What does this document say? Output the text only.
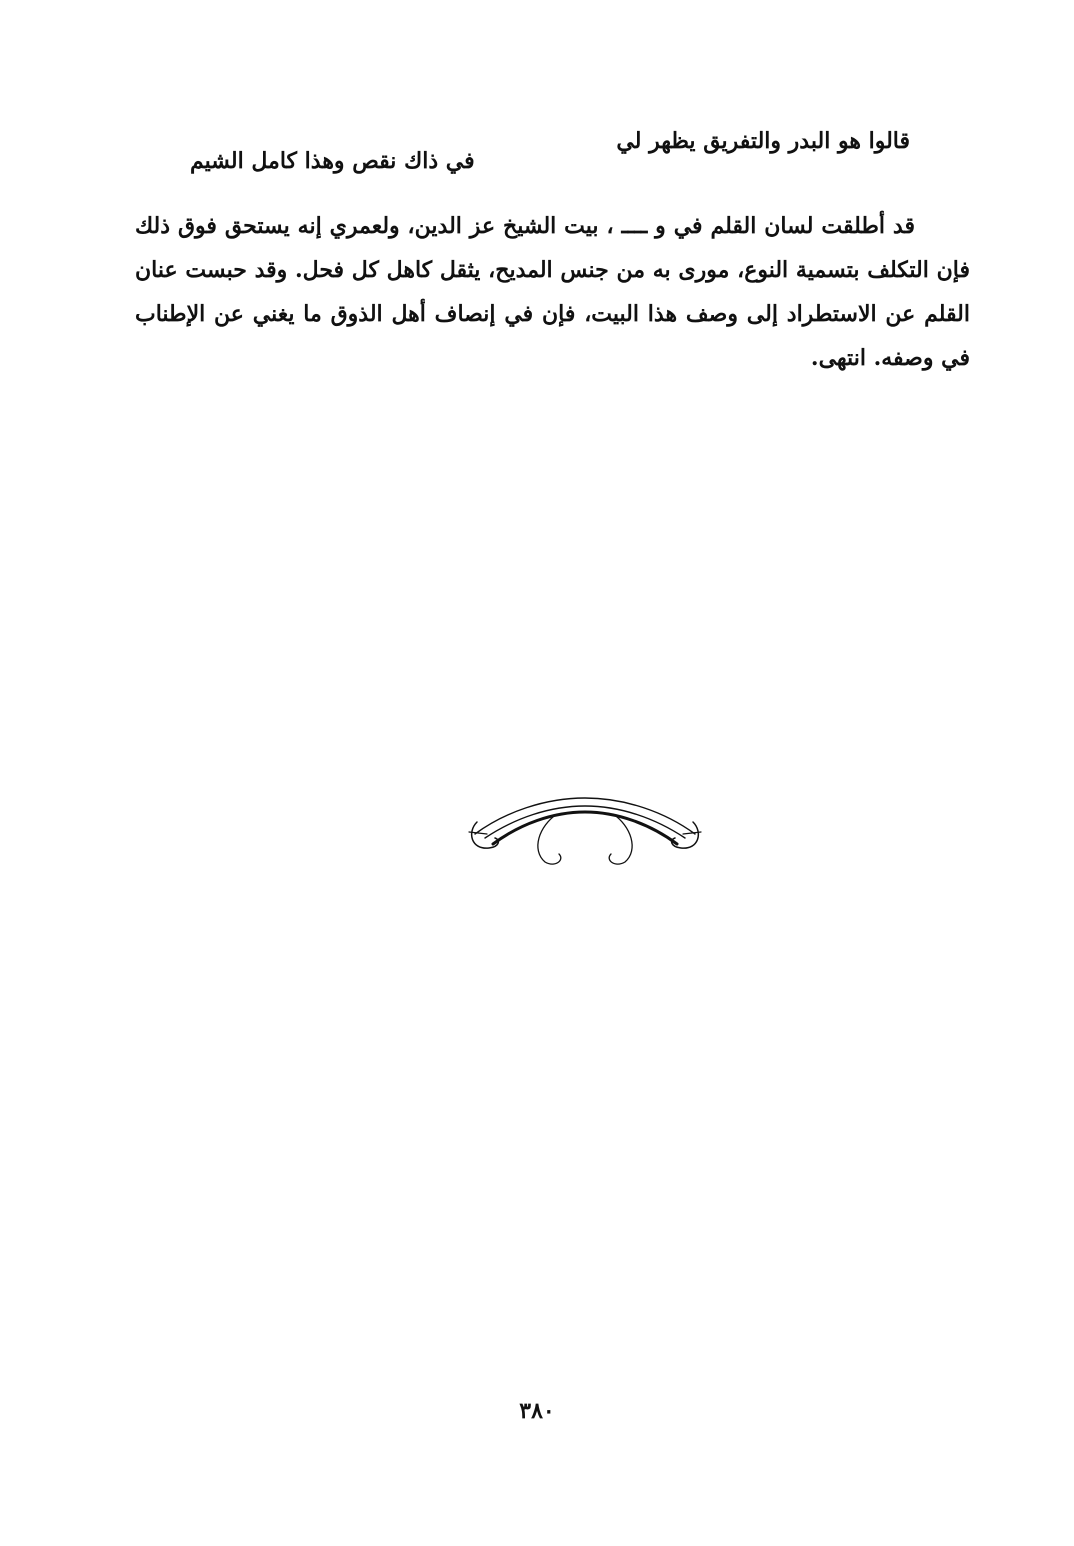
قالوا هو البدر والتفريق يظهر لي
في ذاك نقص وهذا كامل الشيم

قد أطلقت لسان القلم في و ــــ ، بيت الشيخ عز الدين، ولعمري إنه يستحق فوق ذلك فإن التكلف بتسمية النوع، مورى به من جنس المديح، يثقل كاهل كل فحل. وقد حبست عنان القلم عن الاستطراد إلى وصف هذا البيت، فإن في إنصاف أهل الذوق ما يغني عن الإطناب في وصفه. انتهى.

٣٨٠
